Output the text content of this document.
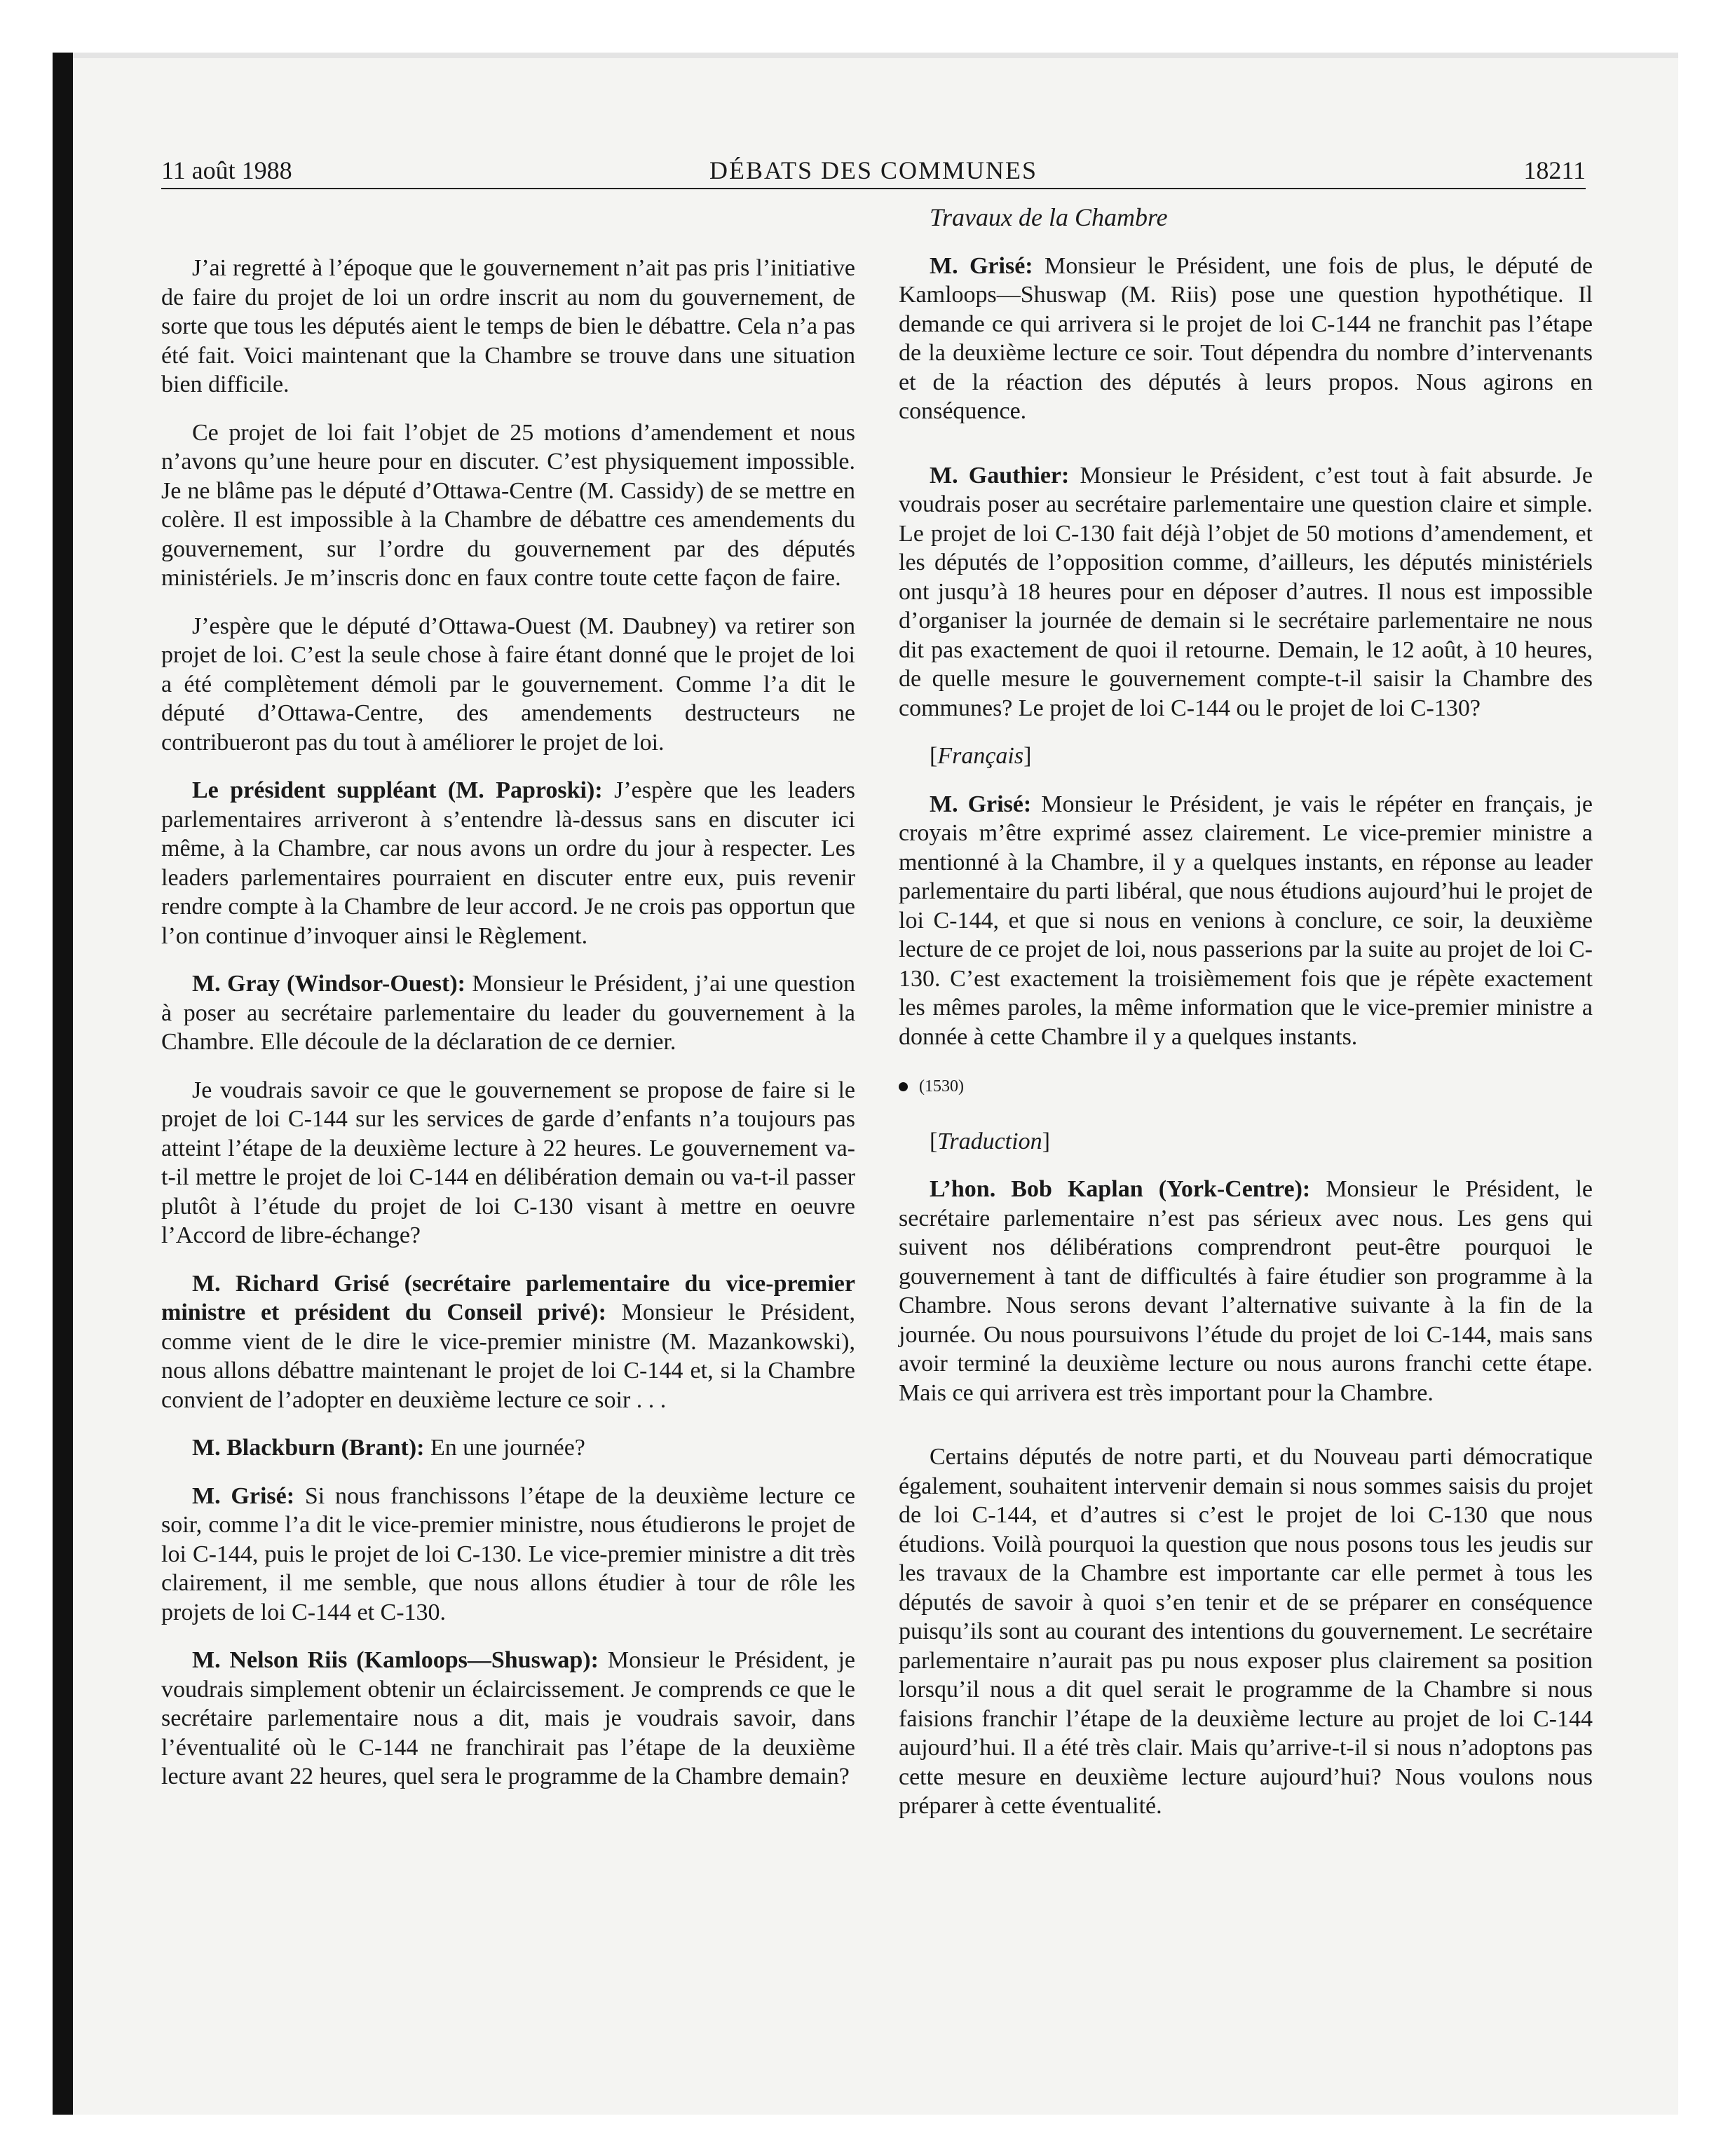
11 août 1988	DÉBATS DES COMMUNES	18211

J’ai regretté à l’époque que le gouvernement n’ait pas pris l’initiative de faire du projet de loi un ordre inscrit au nom du gouvernement, de sorte que tous les députés aient le temps de bien le débattre. Cela n’a pas été fait. Voici maintenant que la Chambre se trouve dans une situation bien difficile.

Ce projet de loi fait l’objet de 25 motions d’amendement et nous n’avons qu’une heure pour en discuter. C’est physiquement impossible. Je ne blâme pas le député d’Ottawa-Centre (M. Cassidy) de se mettre en colère. Il est impossible à la Chambre de débattre ces amendements du gouvernement, sur l’ordre du gouvernement par des députés ministériels. Je m’inscris donc en faux contre toute cette façon de faire.

J’espère que le député d’Ottawa-Ouest (M. Daubney) va retirer son projet de loi. C’est la seule chose à faire étant donné que le projet de loi a été complètement démoli par le gouvernement. Comme l’a dit le député d’Ottawa-Centre, des amendements destructeurs ne contribueront pas du tout à améliorer le projet de loi.

Le président suppléant (M. Paproski): J’espère que les leaders parlementaires arriveront à s’entendre là-dessus sans en discuter ici même, à la Chambre, car nous avons un ordre du jour à respecter. Les leaders parlementaires pourraient en discuter entre eux, puis revenir rendre compte à la Chambre de leur accord. Je ne crois pas opportun que l’on continue d’invoquer ainsi le Règlement.

M. Gray (Windsor-Ouest): Monsieur le Président, j’ai une question à poser au secrétaire parlementaire du leader du gouvernement à la Chambre. Elle découle de la déclaration de ce dernier.

Je voudrais savoir ce que le gouvernement se propose de faire si le projet de loi C-144 sur les services de garde d’enfants n’a toujours pas atteint l’étape de la deuxième lecture à 22 heures. Le gouvernement va-t-il mettre le projet de loi C-144 en délibération demain ou va-t-il passer plutôt à l’étude du projet de loi C-130 visant à mettre en oeuvre l’Accord de libre-échange?

M. Richard Grisé (secrétaire parlementaire du vice-premier ministre et président du Conseil privé): Monsieur le Président, comme vient de le dire le vice-premier ministre (M. Mazankowski), nous allons débattre maintenant le projet de loi C-144 et, si la Chambre convient de l’adopter en deuxième lecture ce soir . . .

M. Blackburn (Brant): En une journée?

M. Grisé: Si nous franchissons l’étape de la deuxième lecture ce soir, comme l’a dit le vice-premier ministre, nous étudierons le projet de loi C-144, puis le projet de loi C-130. Le vice-premier ministre a dit très clairement, il me semble, que nous allons étudier à tour de rôle les projets de loi C-144 et C-130.

M. Nelson Riis (Kamloops—Shuswap): Monsieur le Président, je voudrais simplement obtenir un éclaircissement. Je comprends ce que le secrétaire parlementaire nous a dit, mais je voudrais savoir, dans l’éventualité où le C-144 ne franchirait pas l’étape de la deuxième lecture avant 22 heures, quel sera le programme de la Chambre demain?

Travaux de la Chambre

M. Grisé: Monsieur le Président, une fois de plus, le député de Kamloops—Shuswap (M. Riis) pose une question hypothétique. Il demande ce qui arrivera si le projet de loi C-144 ne franchit pas l’étape de la deuxième lecture ce soir. Tout dépendra du nombre d’intervenants et de la réaction des députés à leurs propos. Nous agirons en conséquence.

M. Gauthier: Monsieur le Président, c’est tout à fait absurde. Je voudrais poser au secrétaire parlementaire une question claire et simple. Le projet de loi C-130 fait déjà l’objet de 50 motions d’amendement, et les députés de l’opposition comme, d’ailleurs, les députés ministériels ont jusqu’à 18 heures pour en déposer d’autres. Il nous est impossible d’organiser la journée de demain si le secrétaire parlementaire ne nous dit pas exactement de quoi il retourne. Demain, le 12 août, à 10 heures, de quelle mesure le gouvernement compte-t-il saisir la Chambre des communes? Le projet de loi C-144 ou le projet de loi C-130?

[Français]

M. Grisé: Monsieur le Président, je vais le répéter en français, je croyais m’être exprimé assez clairement. Le vice-premier ministre a mentionné à la Chambre, il y a quelques instants, en réponse au leader parlementaire du parti libéral, que nous étudions aujourd’hui le projet de loi C-144, et que si nous en venions à conclure, ce soir, la deuxième lecture de ce projet de loi, nous passerions par la suite au projet de loi C-130. C’est exactement la troisièmement fois que je répète exactement les mêmes paroles, la même information que le vice-premier ministre a donnée à cette Chambre il y a quelques instants.

(1530)

[Traduction]

L’hon. Bob Kaplan (York-Centre): Monsieur le Président, le secrétaire parlementaire n’est pas sérieux avec nous. Les gens qui suivent nos délibérations comprendront peut-être pourquoi le gouvernement à tant de difficultés à faire étudier son programme à la Chambre. Nous serons devant l’alternative suivante à la fin de la journée. Ou nous poursuivons l’étude du projet de loi C-144, mais sans avoir terminé la deuxième lecture ou nous aurons franchi cette étape. Mais ce qui arrivera est très important pour la Chambre.

Certains députés de notre parti, et du Nouveau parti démocratique également, souhaitent intervenir demain si nous sommes saisis du projet de loi C-144, et d’autres si c’est le projet de loi C-130 que nous étudions. Voilà pourquoi la question que nous posons tous les jeudis sur les travaux de la Chambre est importante car elle permet à tous les députés de savoir à quoi s’en tenir et de se préparer en conséquence puisqu’ils sont au courant des intentions du gouvernement. Le secrétaire parlementaire n’aurait pas pu nous exposer plus clairement sa position lorsqu’il nous a dit quel serait le programme de la Chambre si nous faisions franchir l’étape de la deuxième lecture au projet de loi C-144 aujourd’hui. Il a été très clair. Mais qu’arrive-t-il si nous n’adoptons pas cette mesure en deuxième lecture aujourd’hui? Nous voulons nous préparer à cette éventualité.
